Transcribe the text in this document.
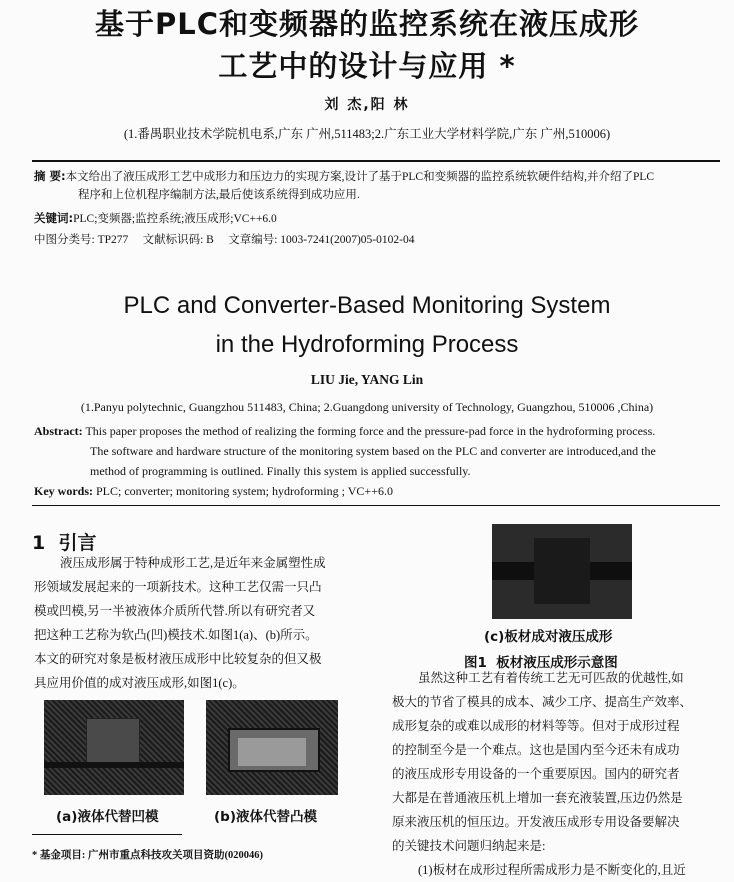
基于PLC和变频器的监控系统在液压成形
工艺中的设计与应用 *
刘 杰,阳 林
(1.番禺职业技术学院机电系,广东 广州,511483;2.广东工业大学材料学院,广东 广州,510006)
摘 要:本文给出了液压成形工艺中成形力和压边力的实现方案,设计了基于PLC和变频器的监控系统软硬件结构,并介绍了PLC
程序和上位机程序编制方法,最后使该系统得到成功应用.
关键词:PLC;变频器;监控系统;液压成形;VC++6.0
中图分类号: TP277     文献标识码: B     文章编号: 1003-7241(2007)05-0102-04
PLC and Converter-Based Monitoring System
in the Hydroforming Process
LIU Jie, YANG Lin
(1.Panyu polytechnic, Guangzhou 511483, China; 2.Guangdong university of Technology, Guangzhou, 510006 ,China)
Abstract: This paper proposes the method of realizing the forming force and the pressure-pad force in the hydroforming process.
The software and hardware structure of the monitoring system based on the PLC and converter are introduced,and the
method of programming is outlined. Finally this system is applied successfully.
Key words: PLC; converter; monitoring system; hydroforming ; VC++6.0
1  引言
液压成形属于特种成形工艺,是近年来金属塑性成
形领域发展起来的一项新技术。这种工艺仅需一只凸
模或凹模,另一半被液体介质所代替.所以有研究者又
把这种工艺称为软凸(凹)模技术.如图1(a)、(b)所示。
本文的研究对象是板材液压成形中比较复杂的但又极
具应用价值的成对液压成形,如图1(c)。
(a)液体代替凹模	(b)液体代替凸模
(c)板材成对液压成形
图1  板材液压成形示意图
虽然这种工艺有着传统工艺无可匹敌的优越性,如
极大的节省了模具的成本、减少工序、提高生产效率、
成形复杂的或难以成形的材料等等。但对于成形过程
的控制至今是一个难点。这也是国内至今还未有成功
的液压成形专用设备的一个重要原因。国内的研究者
大都是在普通液压机上增加一套充液装置,压边仍然是
原来液压机的恒压边。开发液压成形专用设备要解决
的关键技术问题归纳起来是:
(1)板材在成形过程所需成形力是不断变化的,且近
* 基金项目: 广州市重点科技攻关项目资助(020046)
